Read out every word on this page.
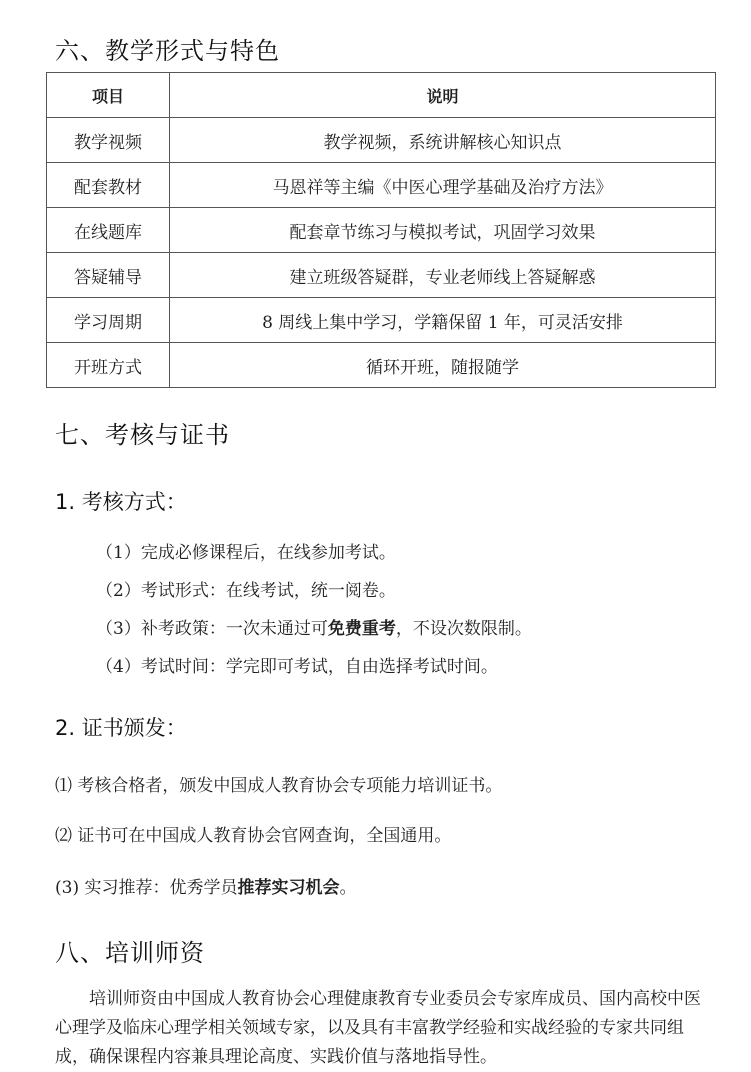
六、教学形式与特色
项目	说明
教学视频	教学视频，系统讲解核心知识点
配套教材	马恩祥等主编《中医心理学基础及治疗方法》
在线题库	配套章节练习与模拟考试，巩固学习效果
答疑辅导	建立班级答疑群，专业老师线上答疑解惑
学习周期	8 周线上集中学习，学籍保留 1 年，可灵活安排
开班方式	循环开班，随报随学
七、考核与证书
1. 考核方式：
（1）完成必修课程后，在线参加考试。
（2）考试形式：在线考试，统一阅卷。
（3）补考政策：一次未通过可免费重考，不设次数限制。
（4）考试时间：学完即可考试，自由选择考试时间。
2. 证书颁发：
⑴ 考核合格者，颁发中国成人教育协会专项能力培训证书。
⑵ 证书可在中国成人教育协会官网查询，全国通用。
(3) 实习推荐：优秀学员推荐实习机会。
八、培训师资
培训师资由中国成人教育协会心理健康教育专业委员会专家库成员、国内高校中医心理学及临床心理学相关领域专家，以及具有丰富教学经验和实战经验的专家共同组成，确保课程内容兼具理论高度、实践价值与落地指导性。
